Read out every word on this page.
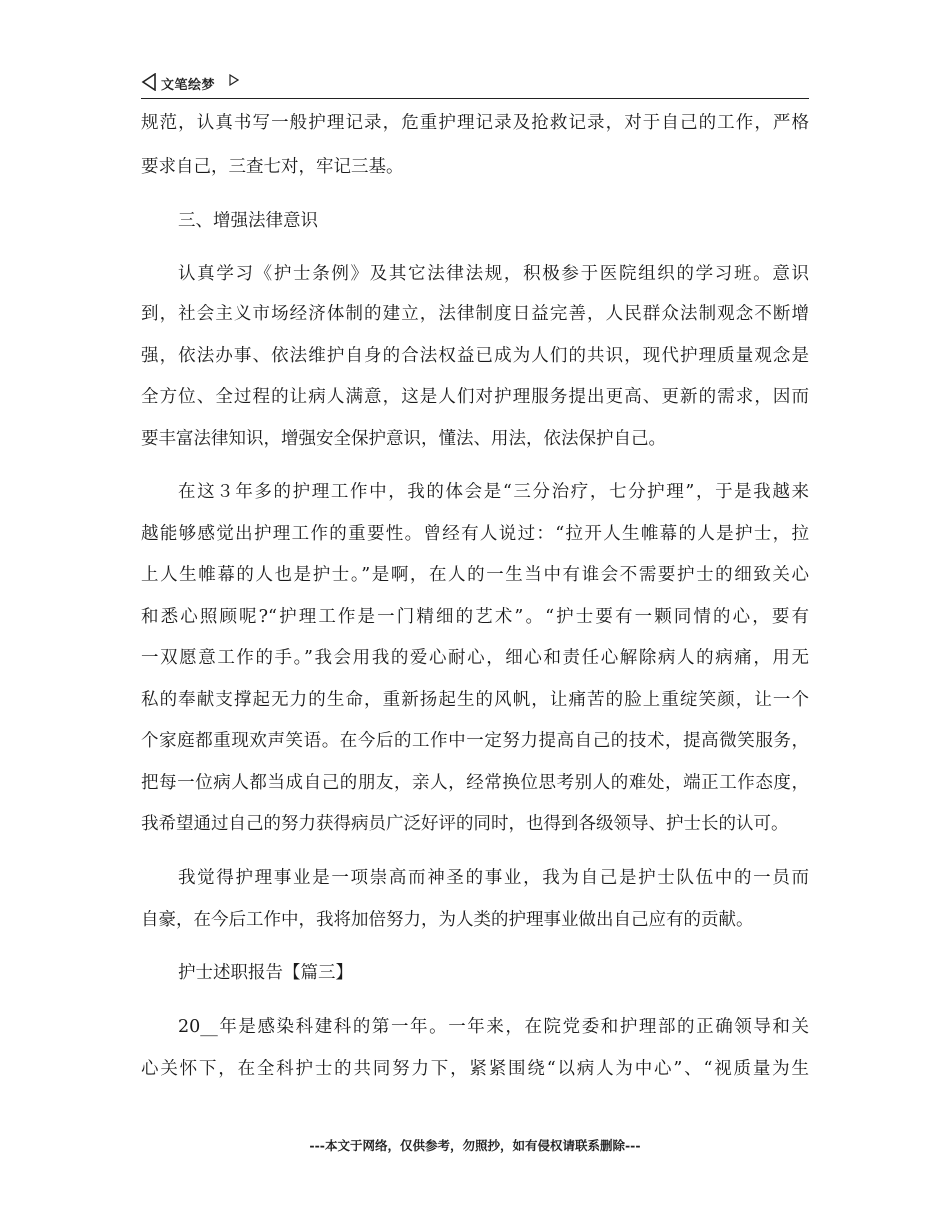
文笔绘梦
规范，认真书写一般护理记录，危重护理记录及抢救记录，对于自己的工作，严格
要求自己，三查七对，牢记三基。
三、增强法律意识
认真学习《护士条例》及其它法律法规，积极参于医院组织的学习班。意识
到，社会主义市场经济体制的建立，法律制度日益完善，人民群众法制观念不断增
强，依法办事、依法维护自身的合法权益已成为人们的共识，现代护理质量观念是
全方位、全过程的让病人满意，这是人们对护理服务提出更高、更新的需求，因而
要丰富法律知识，增强安全保护意识，懂法、用法，依法保护自己。
在这３年多的护理工作中，我的体会是“三分治疗，七分护理”，于是我越来
越能够感觉出护理工作的重要性。曾经有人说过：“拉开人生帷幕的人是护士，拉
上人生帷幕的人也是护士。”是啊，在人的一生当中有谁会不需要护士的细致关心
和悉心照顾呢?“护理工作是一门精细的艺术”。“护士要有一颗同情的心，要有
一双愿意工作的手。”我会用我的爱心耐心，细心和责任心解除病人的病痛，用无
私的奉献支撑起无力的生命，重新扬起生的风帆，让痛苦的脸上重绽笑颜，让一个
个家庭都重现欢声笑语。在今后的工作中一定努力提高自己的技术，提高微笑服务，
把每一位病人都当成自己的朋友，亲人，经常换位思考别人的难处，端正工作态度，
我希望通过自己的努力获得病员广泛好评的同时，也得到各级领导、护士长的认可。
我觉得护理事业是一项崇高而神圣的事业，我为自己是护士队伍中的一员而
自豪，在今后工作中，我将加倍努力，为人类的护理事业做出自己应有的贡献。
护士述职报告【篇三】
20__年是感染科建科的第一年。一年来，在院党委和护理部的正确领导和关
心关怀下，在全科护士的共同努力下，紧紧围绕“以病人为中心”、“视质量为生
---本文于网络，仅供参考，勿照抄，如有侵权请联系删除---
